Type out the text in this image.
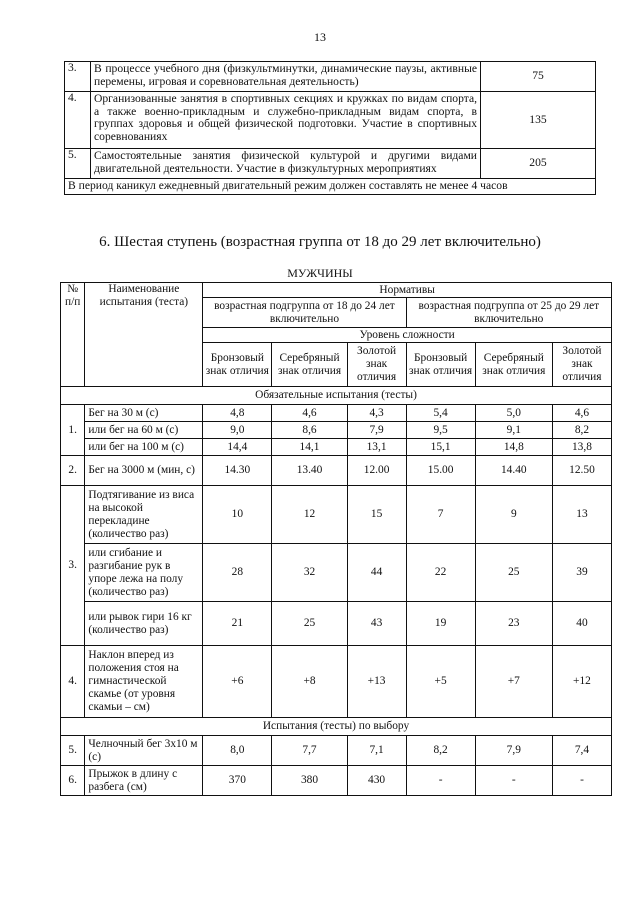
13
3.	В процессе учебного дня (физкультминутки, динамические паузы, активные перемены, игровая и соревновательная деятельность)	75
4.	Организованные занятия в спортивных секциях и кружках по видам спорта, а также военно-прикладным и служебно-прикладным видам спорта, в группах здоровья и общей физической подготовки. Участие в спортивных соревнованиях	135
5.	Самостоятельные занятия физической культурой и другими видами двигательной деятельности. Участие в физкультурных мероприятиях	205
В период каникул ежедневный двигательный режим должен составлять не менее 4 часов		
6. Шестая ступень (возрастная группа от 18 до 29 лет включительно)
МУЖЧИНЫ
№ п/п	Наименование испытания (теста)	Нормативы					
		возрастная подгруппа от 18 до 24 лет включительно			возрастная подгруппа от 25 до 29 лет включительно		
		Уровень сложности					
		Бронзовый знак отличия	Серебряный знак отличия	Золотой знак отличия	Бронзовый знак отличия	Серебряный знак отличия	Золотой знак отличия
Обязательные испытания (тесты)							
1.	Бег на 30 м (с)	4,8	4,6	4,3	5,4	5,0	4,6
	или бег на 60 м (с)	9,0	8,6	7,9	9,5	9,1	8,2
	или бег на 100 м (с)	14,4	14,1	13,1	15,1	14,8	13,8
2.	Бег на 3000 м (мин, с)	14.30	13.40	12.00	15.00	14.40	12.50
3.	Подтягивание из виса на высокой перекладине (количество раз)	10	12	15	7	9	13
	или сгибание и разгибание рук в упоре лежа на полу (количество раз)	28	32	44	22	25	39
	или рывок гири 16 кг (количество раз)	21	25	43	19	23	40
4.	Наклон вперед из положения стоя на гимнастической скамье (от уровня скамьи – см)	+6	+8	+13	+5	+7	+12
Испытания (тесты) по выбору							
5.	Челночный бег 3х10 м (с)	8,0	7,7	7,1	8,2	7,9	7,4
6.	Прыжок в длину с разбега (см)	370	380	430	-	-	-
